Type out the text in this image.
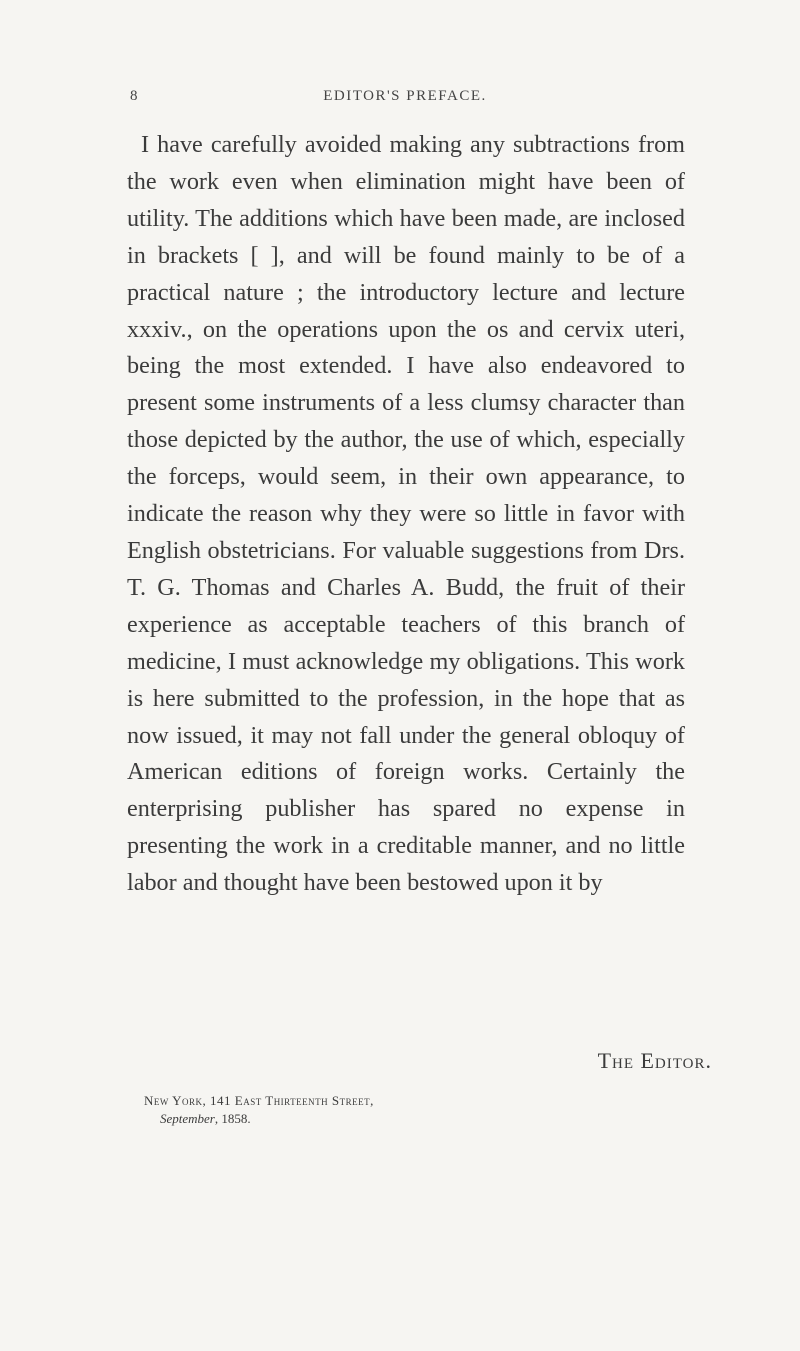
8	EDITOR'S PREFACE.

I have carefully avoided making any subtractions from the work even when elimination might have been of utility. The additions which have been made, are inclosed in brackets [ ], and will be found mainly to be of a practical nature ; the introductory lecture and lecture xxxiv., on the operations upon the os and cervix uteri, being the most extended. I have also endeavored to present some instruments of a less clumsy character than those depicted by the author, the use of which, especially the forceps, would seem, in their own appearance, to indicate the reason why they were so little in favor with English obstetricians. For valuable suggestions from Drs. T. G. Thomas and Charles A. Budd, the fruit of their experience as acceptable teachers of this branch of medicine, I must acknowledge my obligations. This work is here submitted to the profession, in the hope that as now issued, it may not fall under the general obloquy of American editions of foreign works. Certainly the enterprising publisher has spared no expense in presenting the work in a creditable manner, and no little labor and thought have been bestowed upon it by

The Editor.
New York, 141 East Thirteenth Street,
September, 1858.
